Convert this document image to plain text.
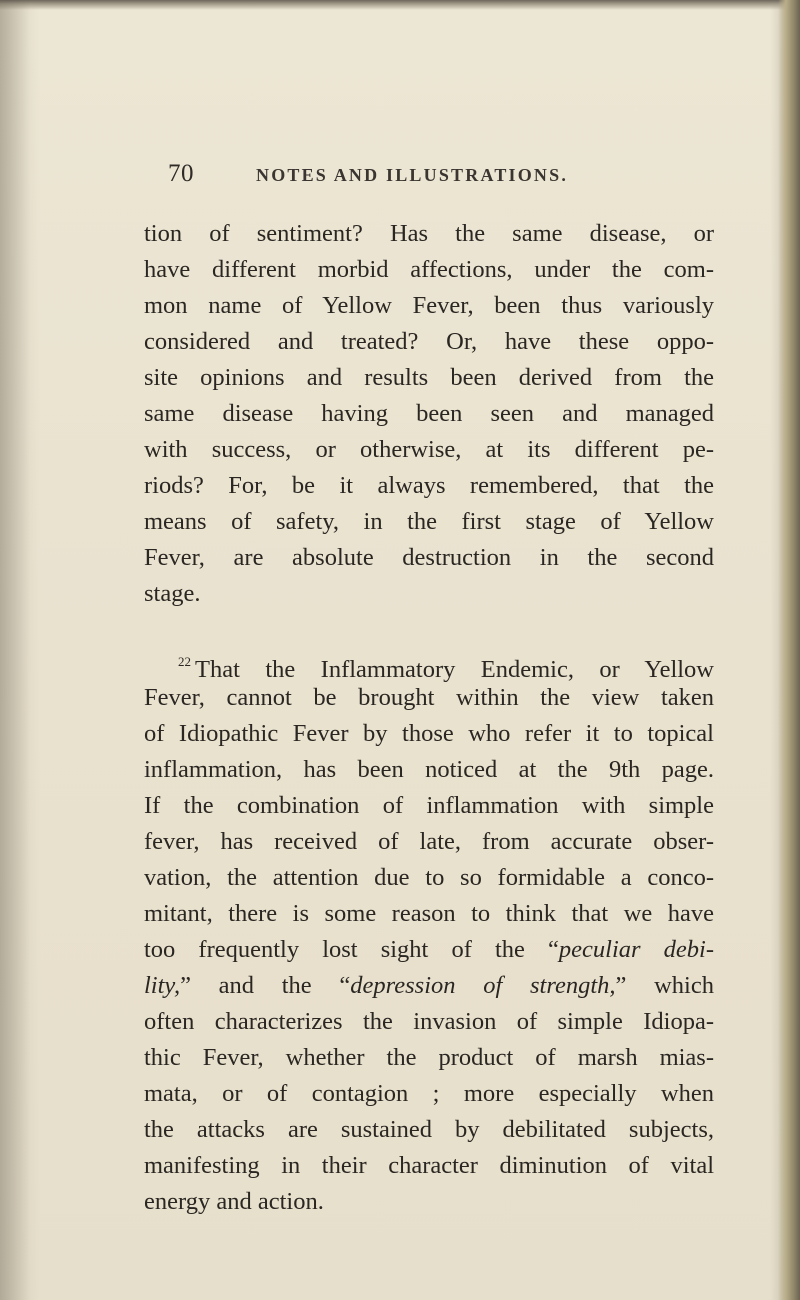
70	NOTES AND ILLUSTRATIONS.
tion of sentiment? Has the same disease, or
have different morbid affections, under the com-
mon name of Yellow Fever, been thus variously
considered and treated? Or, have these oppo-
site opinions and results been derived from the
same disease having been seen and managed
with success, or otherwise, at its different pe-
riods? For, be it always remembered, that the
means of safety, in the first stage of Yellow
Fever, are absolute destruction in the second
stage.
$^{22}$ That the Inflammatory Endemic, or Yellow
Fever, cannot be brought within the view taken
of Idiopathic Fever by those who refer it to topical
inflammation, has been noticed at the 9th page.
If the combination of inflammation with simple
fever, has received of late, from accurate obser-
vation, the attention due to so formidable a conco-
mitant, there is some reason to think that we have
too frequently lost sight of the “peculiar debi-
lity,” and the “depression of strength,” which
often characterizes the invasion of simple Idiopa-
thic Fever, whether the product of marsh mias-
mata, or of contagion ; more especially when
the attacks are sustained by debilitated subjects,
manifesting in their character diminution of vital
energy and action.
